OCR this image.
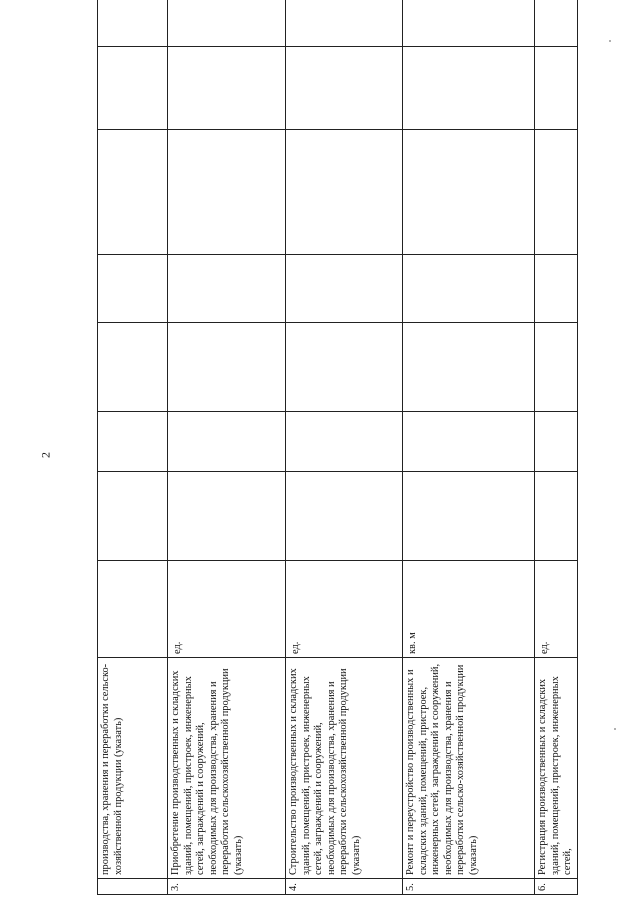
2

	производства, хранения и переработки сельско-хозяйственной продукции (указать)								

3.	Приобретение производственных и складских зданий, помещений, пристроек, инженерных сетей, заграждений и сооружений, необходимых для производства, хранения и переработки сельскохозяйственной продукции (указать)	ед.							
4.	Строительство производственных и складских зданий, помещений, пристроек, инженерных сетей, заграждений и сооружений, необходимых для производства, хранения и переработки сельскохозяйственной продукции (указать)	ед.							
5.	Ремонт и переустройство производственных и складских зданий, помещений, пристроек, инженерных сетей, заграждений и сооружений, необходимых для производства, хранения и переработки сельско-хозяйственной продукции (указать)	кв. м							
6.	Регистрация производственных и складских зданий, помещений, пристроек, инженерных сетей,	ед.							
